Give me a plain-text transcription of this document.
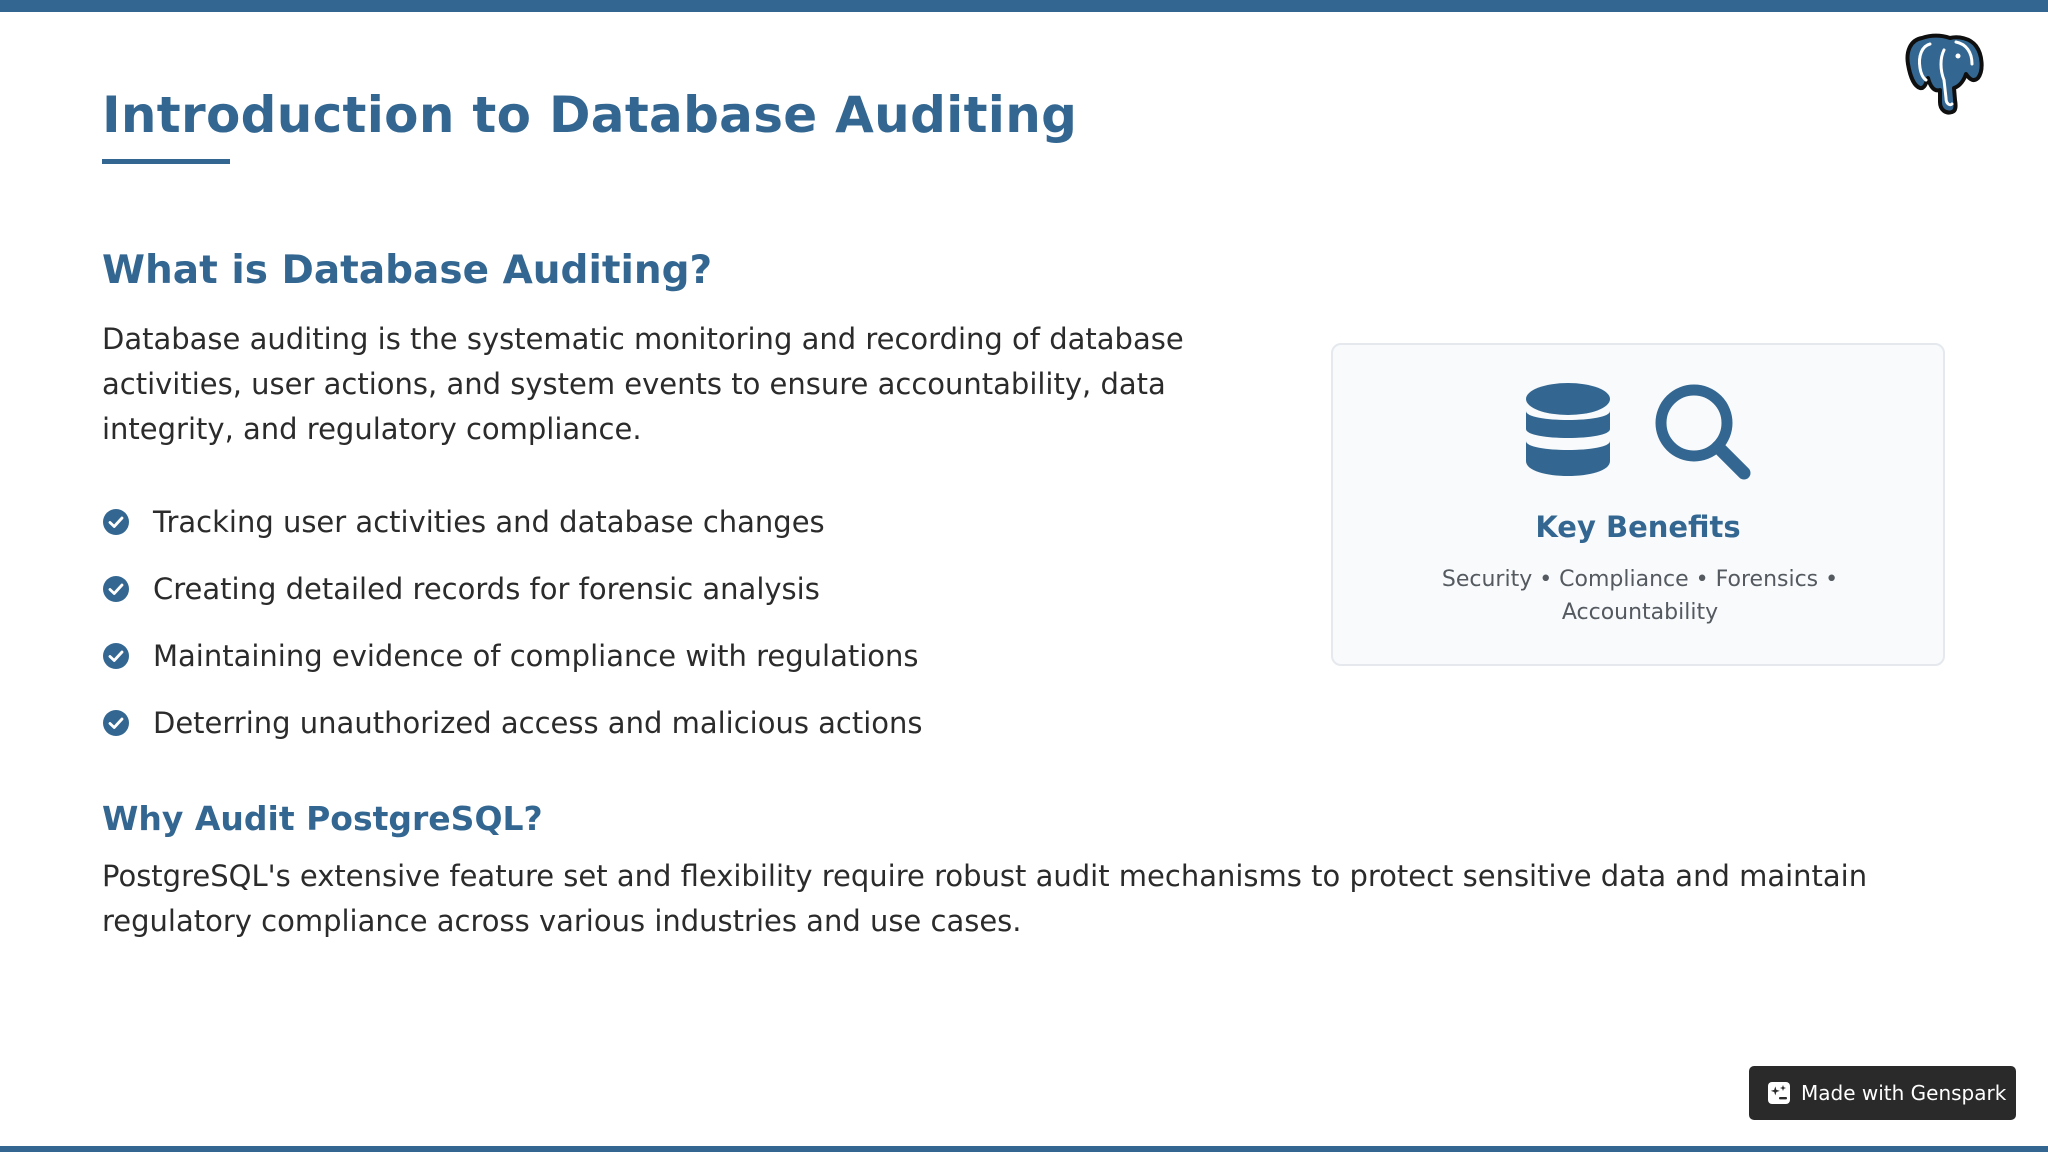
Introduction to Database Auditing
What is Database Auditing?
Database auditing is the systematic monitoring and recording of database activities, user actions, and system events to ensure accountability, data integrity, and regulatory compliance.
Tracking user activities and database changes
Creating detailed records for forensic analysis
Maintaining evidence of compliance with regulations
Deterring unauthorized access and malicious actions
Key Benefits
Security • Compliance • Forensics • Accountability
Why Audit PostgreSQL?
PostgreSQL's extensive feature set and flexibility require robust audit mechanisms to protect sensitive data and maintain regulatory compliance across various industries and use cases.
Made with Genspark
